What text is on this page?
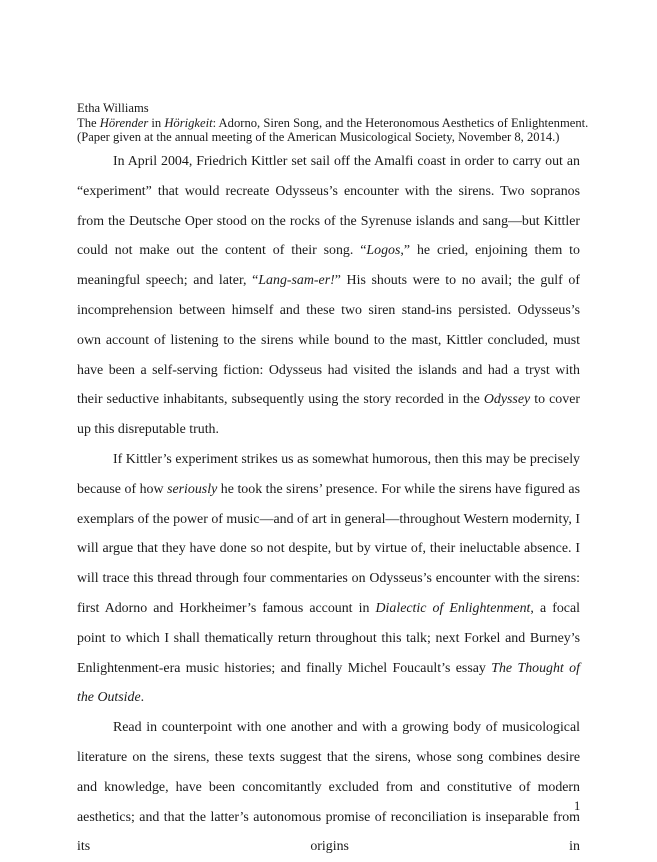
Etha Williams
The Hörender in Hörigkeit: Adorno, Siren Song, and the Heteronomous Aesthetics of Enlightenment.
(Paper given at the annual meeting of the American Musicological Society, November 8, 2014.)

In April 2004, Friedrich Kittler set sail off the Amalfi coast in order to carry out an “experiment” that would recreate Odysseus’s encounter with the sirens. Two sopranos from the Deutsche Oper stood on the rocks of the Syrenuse islands and sang—but Kittler could not make out the content of their song. “Logos,” he cried, enjoining them to meaningful speech; and later, “Lang-sam-er!” His shouts were to no avail; the gulf of incomprehension between himself and these two siren stand-ins persisted. Odysseus’s own account of listening to the sirens while bound to the mast, Kittler concluded, must have been a self-serving fiction: Odysseus had visited the islands and had a tryst with their seductive inhabitants, subsequently using the story recorded in the Odyssey to cover up this disreputable truth.

If Kittler’s experiment strikes us as somewhat humorous, then this may be precisely because of how seriously he took the sirens’ presence. For while the sirens have figured as exemplars of the power of music—and of art in general—throughout Western modernity, I will argue that they have done so not despite, but by virtue of, their ineluctable absence. I will trace this thread through four commentaries on Odysseus’s encounter with the sirens: first Adorno and Horkheimer’s famous account in Dialectic of Enlightenment, a focal point to which I shall thematically return throughout this talk; next Forkel and Burney’s Enlightenment-era music histories; and finally Michel Foucault’s essay The Thought of the Outside.

Read in counterpoint with one another and with a growing body of musicological literature on the sirens, these texts suggest that the sirens, whose song combines desire and knowledge, have been concomitantly excluded from and constitutive of modern aesthetics; and that the latter’s autonomous promise of reconciliation is inseparable from its origins in

1
